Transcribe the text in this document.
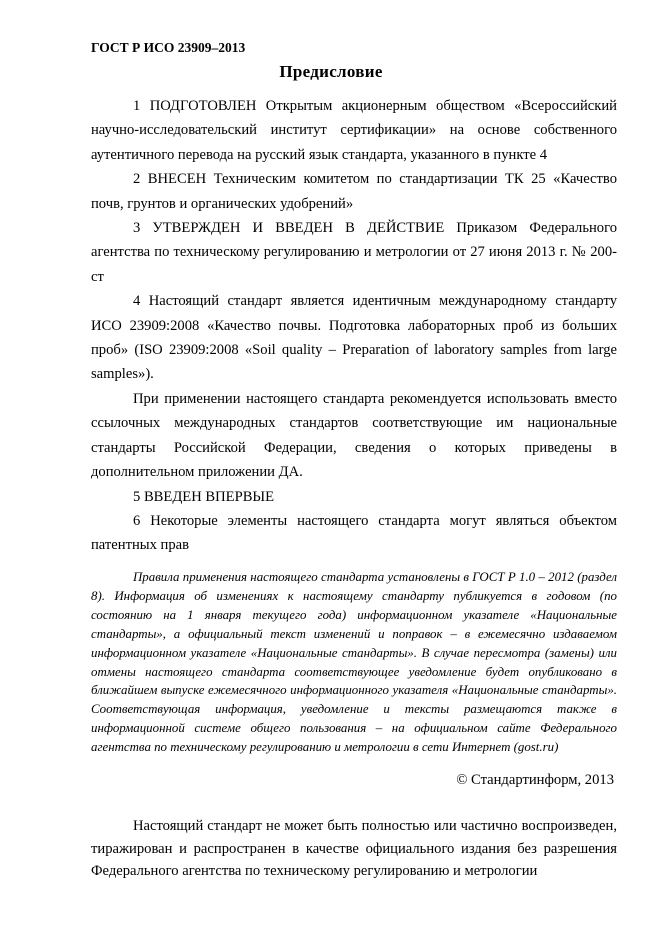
ГОСТ Р ИСО 23909–2013
Предисловие

1 ПОДГОТОВЛЕН Открытым акционерным обществом «Всероссийский научно-исследовательский институт сертификации» на основе собственного аутентичного перевода на русский язык стандарта, указанного в пункте 4

2 ВНЕСЕН Техническим комитетом по стандартизации ТК 25 «Качество почв, грунтов и органических удобрений»

3 УТВЕРЖДЕН И ВВЕДЕН В ДЕЙСТВИЕ Приказом Федерального агентства по техническому регулированию и метрологии от 27 июня 2013 г. № 200-ст

4 Настоящий стандарт является идентичным международному стандарту ИСО 23909:2008 «Качество почвы. Подготовка лабораторных проб из больших проб» (ISO 23909:2008 «Soil quality – Preparation of laboratory samples from large samples»).

При применении настоящего стандарта рекомендуется использовать вместо ссылочных международных стандартов соответствующие им национальные стандарты Российской Федерации, сведения о которых приведены в дополнительном приложении ДА.

5 ВВЕДЕН ВПЕРВЫЕ

6 Некоторые элементы настоящего стандарта могут являться объектом патентных прав

Правила применения настоящего стандарта установлены в ГОСТ Р 1.0 – 2012 (раздел 8). Информация об изменениях к настоящему стандарту публикуется в годовом (по состоянию на 1 января текущего года) информационном указателе «Национальные стандарты», а официальный текст изменений и поправок – в ежемесячно издаваемом информационном указателе «Национальные стандарты». В случае пересмотра (замены) или отмены настоящего стандарта соответствующее уведомление будет опубликовано в ближайшем выпуске ежемесячного информационного указателя «Национальные стандарты». Соответствующая информация, уведомление и тексты размещаются также в информационной системе общего пользования – на официальном сайте Федерального агентства по техническому регулированию и метрологии в сети Интернет (gost.ru)

© Стандартинформ, 2013

Настоящий стандарт не может быть полностью или частично воспроизведен, тиражирован и распространен в качестве официального издания без разрешения Федерального агентства по техническому регулированию и метрологии
